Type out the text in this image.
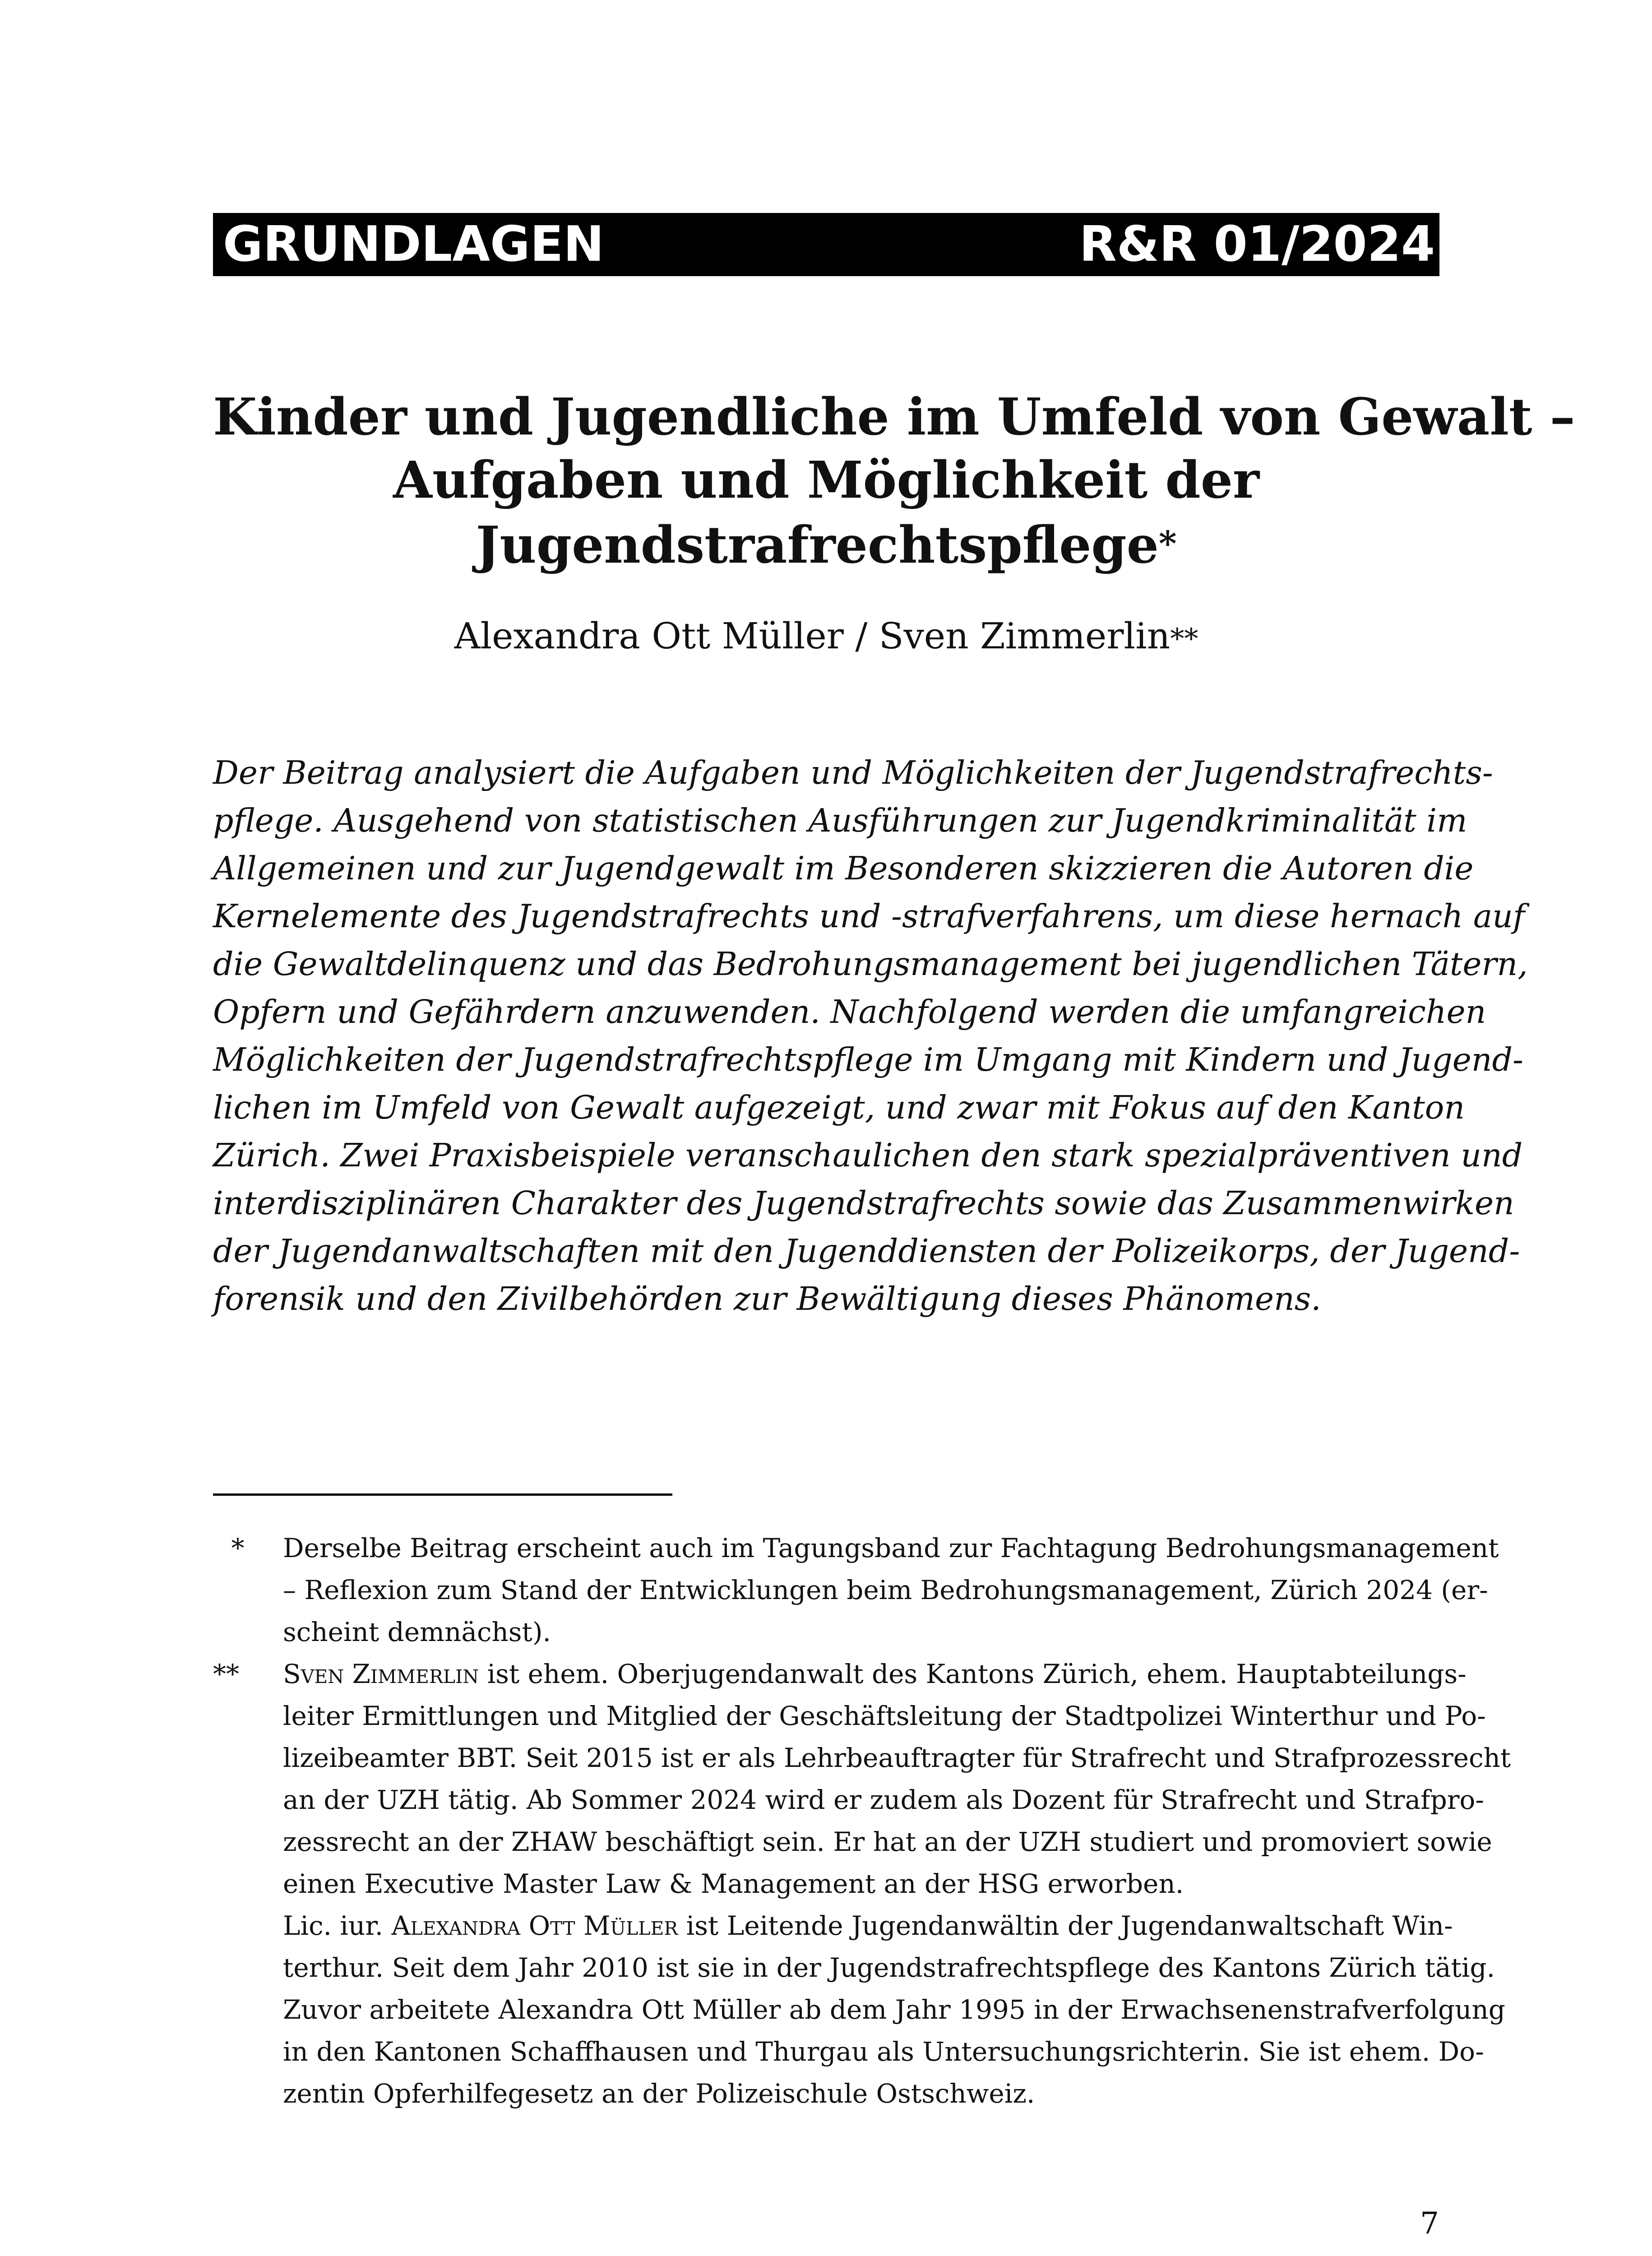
GRUNDLAGEN	R&R 01/2024
Kinder und Jugendliche im Umfeld von Gewalt –
Aufgaben und Möglichkeit der
Jugendstrafrechtspflege*
Alexandra Ott Müller / Sven Zimmerlin**
Der Beitrag analysiert die Aufgaben und Möglichkeiten der Jugendstrafrechts-
pflege. Ausgehend von statistischen Ausführungen zur Jugendkriminalität im
Allgemeinen und zur Jugendgewalt im Besonderen skizzieren die Autoren die
Kernelemente des Jugendstrafrechts und -strafverfahrens, um diese hernach auf
die Gewaltdelinquenz und das Bedrohungsmanagement bei jugendlichen Tätern,
Opfern und Gefährdern anzuwenden. Nachfolgend werden die umfangreichen
Möglichkeiten der Jugendstrafrechtspflege im Umgang mit Kindern und Jugend-
lichen im Umfeld von Gewalt aufgezeigt, und zwar mit Fokus auf den Kanton
Zürich. Zwei Praxisbeispiele veranschaulichen den stark spezialpräventiven und
interdisziplinären Charakter des Jugendstrafrechts sowie das Zusammenwirken
der Jugendanwaltschaften mit den Jugenddiensten der Polizeikorps, der Jugend-
forensik und den Zivilbehörden zur Bewältigung dieses Phänomens.
*	Derselbe Beitrag erscheint auch im Tagungsband zur Fachtagung Bedrohungsmanagement
– Reflexion zum Stand der Entwicklungen beim Bedrohungsmanagement, Zürich 2024 (er-
scheint demnächst).
**	Sven Zimmerlin ist ehem. Oberjugendanwalt des Kantons Zürich, ehem. Hauptabteilungs-
leiter Ermittlungen und Mitglied der Geschäftsleitung der Stadtpolizei Winterthur und Po-
lizeibeamter BBT. Seit 2015 ist er als Lehrbeauftragter für Strafrecht und Strafprozessrecht
an der UZH tätig. Ab Sommer 2024 wird er zudem als Dozent für Strafrecht und Strafpro-
zessrecht an der ZHAW beschäftigt sein. Er hat an der UZH studiert und promoviert sowie
einen Executive Master Law & Management an der HSG erworben.
Lic. iur. Alexandra Ott Müller ist Leitende Jugendanwältin der Jugendanwaltschaft Win-
terthur. Seit dem Jahr 2010 ist sie in der Jugendstrafrechtspflege des Kantons Zürich tätig.
Zuvor arbeitete Alexandra Ott Müller ab dem Jahr 1995 in der Erwachsenenstrafverfolgung
in den Kantonen Schaffhausen und Thurgau als Untersuchungsrichterin. Sie ist ehem. Do-
zentin Opferhilfegesetz an der Polizeischule Ostschweiz.
7
